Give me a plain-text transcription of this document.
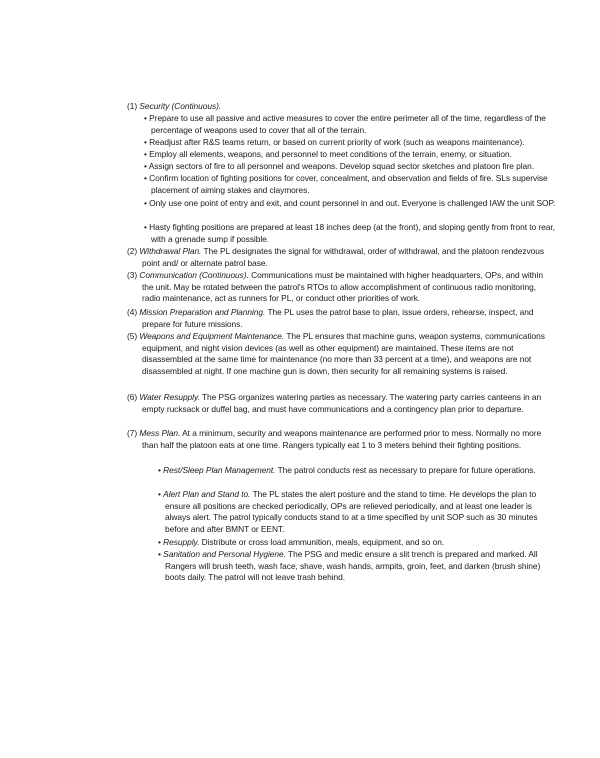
(1) Security (Continuous).
• Prepare to use all passive and active measures to cover the entire perimeter all of the time, regardless of the percentage of weapons used to cover that all of the terrain.
• Readjust after R&S teams return, or based on current priority of work (such as weapons maintenance).
• Employ all elements, weapons, and personnel to meet conditions of the terrain, enemy, or situation.
• Assign sectors of fire to all personnel and weapons. Develop squad sector sketches and platoon fire plan.
• Confirm location of fighting positions for cover, concealment, and observation and fields of fire. SLs supervise placement of aiming stakes and claymores.
• Only use one point of entry and exit, and count personnel in and out. Everyone is challenged IAW the unit SOP.
• Hasty fighting positions are prepared at least 18 inches deep (at the front), and sloping gently from front to rear, with a grenade sump if possible.
(2) Withdrawal Plan. The PL designates the signal for withdrawal, order of withdrawal, and the platoon rendezvous point and/ or alternate patrol base.
(3) Communication (Continuous). Communications must be maintained with higher headquarters, OPs, and within the unit. May be rotated between the patrol's RTOs to allow accomplishment of continuous radio monitoring, radio maintenance, act as runners for PL, or conduct other priorities of work.
(4) Mission Preparation and Planning. The PL uses the patrol base to plan, issue orders, rehearse, inspect, and prepare for future missions.
(5) Weapons and Equipment Maintenance. The PL ensures that machine guns, weapon systems, communications equipment, and night vision devices (as well as other equipment) are maintained. These items are not disassembled at the same time for maintenance (no more than 33 percent at a time), and weapons are not disassembled at night. If one machine gun is down, then security for all remaining systems is raised.
(6) Water Resupply. The PSG organizes watering parties as necessary. The watering party carries canteens in an empty rucksack or duffel bag, and must have communications and a contingency plan prior to departure.
(7) Mess Plan. At a minimum, security and weapons maintenance are performed prior to mess. Normally no more than half the platoon eats at one time. Rangers typically eat 1 to 3 meters behind their fighting positions.
• Rest/Sleep Plan Management. The patrol conducts rest as necessary to prepare for future operations.
• Alert Plan and Stand to. The PL states the alert posture and the stand to time. He develops the plan to ensure all positions are checked periodically, OPs are relieved periodically, and at least one leader is always alert. The patrol typically conducts stand to at a time specified by unit SOP such as 30 minutes before and after BMNT or EENT.
• Resupply. Distribute or cross load ammunition, meals, equipment, and so on.
• Sanitation and Personal Hygiene. The PSG and medic ensure a slit trench is prepared and marked. All Rangers will brush teeth, wash face, shave, wash hands, armpits, groin, feet, and darken (brush shine) boots daily. The patrol will not leave trash behind.
